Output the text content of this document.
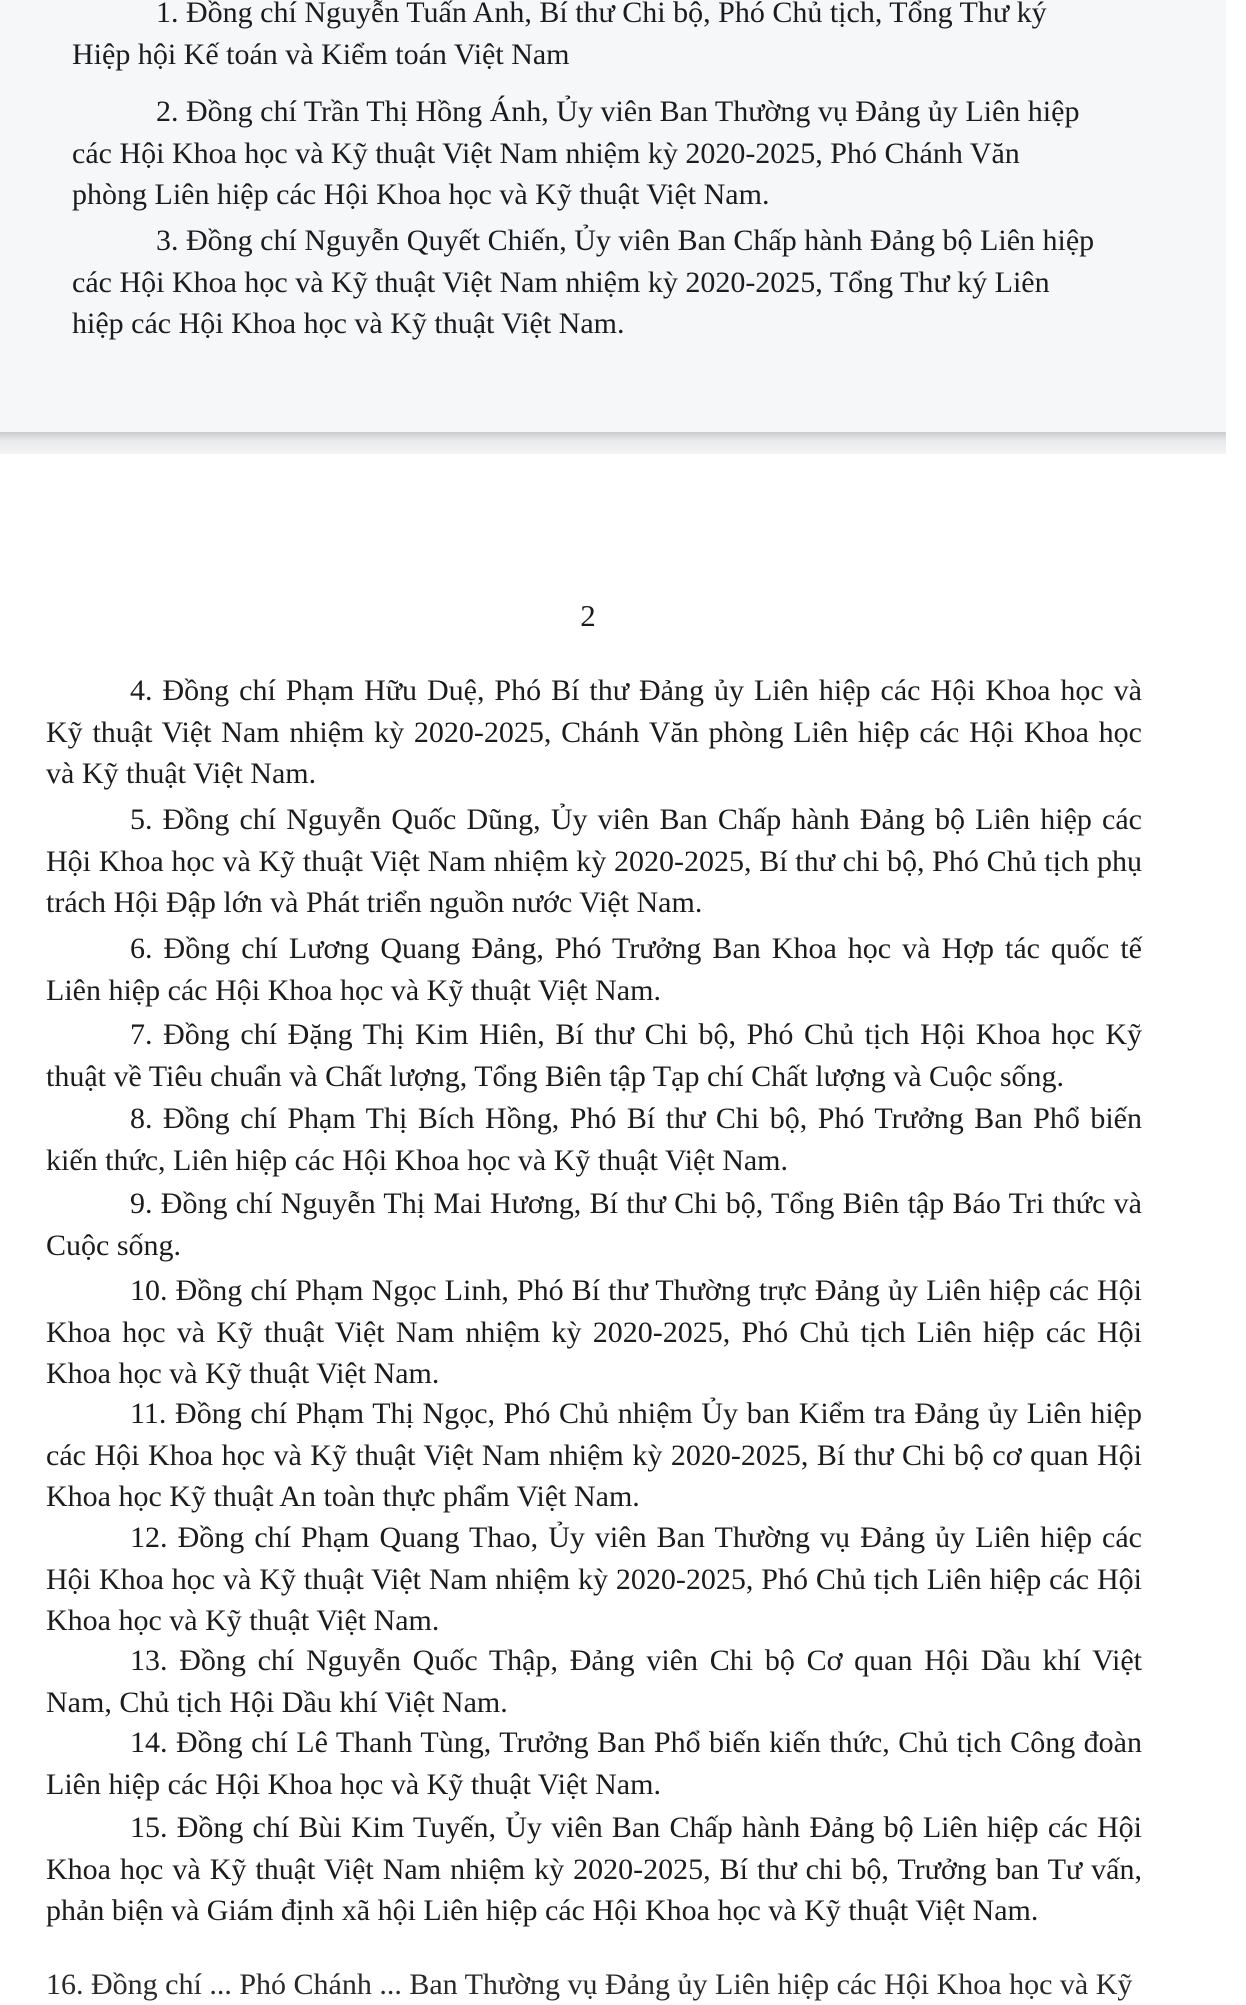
1. Đồng chí Nguyễn Tuấn Anh, Bí thư Chi bộ, Phó Chủ tịch, Tổng Thư ký
Hiệp hội Kế toán và Kiểm toán Việt Nam

2. Đồng chí Trần Thị Hồng Ánh, Ủy viên Ban Thường vụ Đảng ủy Liên hiệp
các Hội Khoa học và Kỹ thuật Việt Nam nhiệm kỳ 2020-2025, Phó Chánh Văn
phòng Liên hiệp các Hội Khoa học và Kỹ thuật Việt Nam.

3. Đồng chí Nguyễn Quyết Chiến, Ủy viên Ban Chấp hành Đảng bộ Liên hiệp
các Hội Khoa học và Kỹ thuật Việt Nam nhiệm kỳ 2020-2025, Tổng Thư ký Liên
hiệp các Hội Khoa học và Kỹ thuật Việt Nam.

2

4. Đồng chí Phạm Hữu Duệ, Phó Bí thư Đảng ủy Liên hiệp các Hội Khoa học và Kỹ thuật Việt Nam nhiệm kỳ 2020-2025, Chánh Văn phòng Liên hiệp các Hội Khoa học và Kỹ thuật Việt Nam.

5. Đồng chí Nguyễn Quốc Dũng, Ủy viên Ban Chấp hành Đảng bộ Liên hiệp các Hội Khoa học và Kỹ thuật Việt Nam nhiệm kỳ 2020-2025, Bí thư chi bộ, Phó Chủ tịch phụ trách Hội Đập lớn và Phát triển nguồn nước Việt Nam.

6. Đồng chí Lương Quang Đảng, Phó Trưởng Ban Khoa học và Hợp tác quốc tế Liên hiệp các Hội Khoa học và Kỹ thuật Việt Nam.

7. Đồng chí Đặng Thị Kim Hiên, Bí thư Chi bộ, Phó Chủ tịch Hội Khoa học Kỹ thuật về Tiêu chuẩn và Chất lượng, Tổng Biên tập Tạp chí Chất lượng và Cuộc sống.

8. Đồng chí Phạm Thị Bích Hồng, Phó Bí thư Chi bộ, Phó Trưởng Ban Phổ biến kiến thức, Liên hiệp các Hội Khoa học và Kỹ thuật Việt Nam.

9. Đồng chí Nguyễn Thị Mai Hương, Bí thư Chi bộ, Tổng Biên tập Báo Tri thức và Cuộc sống.

10. Đồng chí Phạm Ngọc Linh, Phó Bí thư Thường trực Đảng ủy Liên hiệp các Hội Khoa học và Kỹ thuật Việt Nam nhiệm kỳ 2020-2025, Phó Chủ tịch Liên hiệp các Hội Khoa học và Kỹ thuật Việt Nam.

11. Đồng chí Phạm Thị Ngọc, Phó Chủ nhiệm Ủy ban Kiểm tra Đảng ủy Liên hiệp các Hội Khoa học và Kỹ thuật Việt Nam nhiệm kỳ 2020-2025, Bí thư Chi bộ cơ quan Hội Khoa học Kỹ thuật An toàn thực phẩm Việt Nam.

12. Đồng chí Phạm Quang Thao, Ủy viên Ban Thường vụ Đảng ủy Liên hiệp các Hội Khoa học và Kỹ thuật Việt Nam nhiệm kỳ 2020-2025, Phó Chủ tịch Liên hiệp các Hội Khoa học và Kỹ thuật Việt Nam.

13. Đồng chí Nguyễn Quốc Thập, Đảng viên Chi bộ Cơ quan Hội Dầu khí Việt Nam, Chủ tịch Hội Dầu khí Việt Nam.

14. Đồng chí Lê Thanh Tùng, Trưởng Ban Phổ biến kiến thức, Chủ tịch Công đoàn Liên hiệp các Hội Khoa học và Kỹ thuật Việt Nam.

15. Đồng chí Bùi Kim Tuyến, Ủy viên Ban Chấp hành Đảng bộ Liên hiệp các Hội Khoa học và Kỹ thuật Việt Nam nhiệm kỳ 2020-2025, Bí thư chi bộ, Trưởng ban Tư vấn, phản biện và Giám định xã hội Liên hiệp các Hội Khoa học và Kỹ thuật Việt Nam.

16. Đồng chí ... Phó Chánh ... Ban Thường vụ Đảng ủy Liên hiệp các Hội Khoa học và Kỹ
